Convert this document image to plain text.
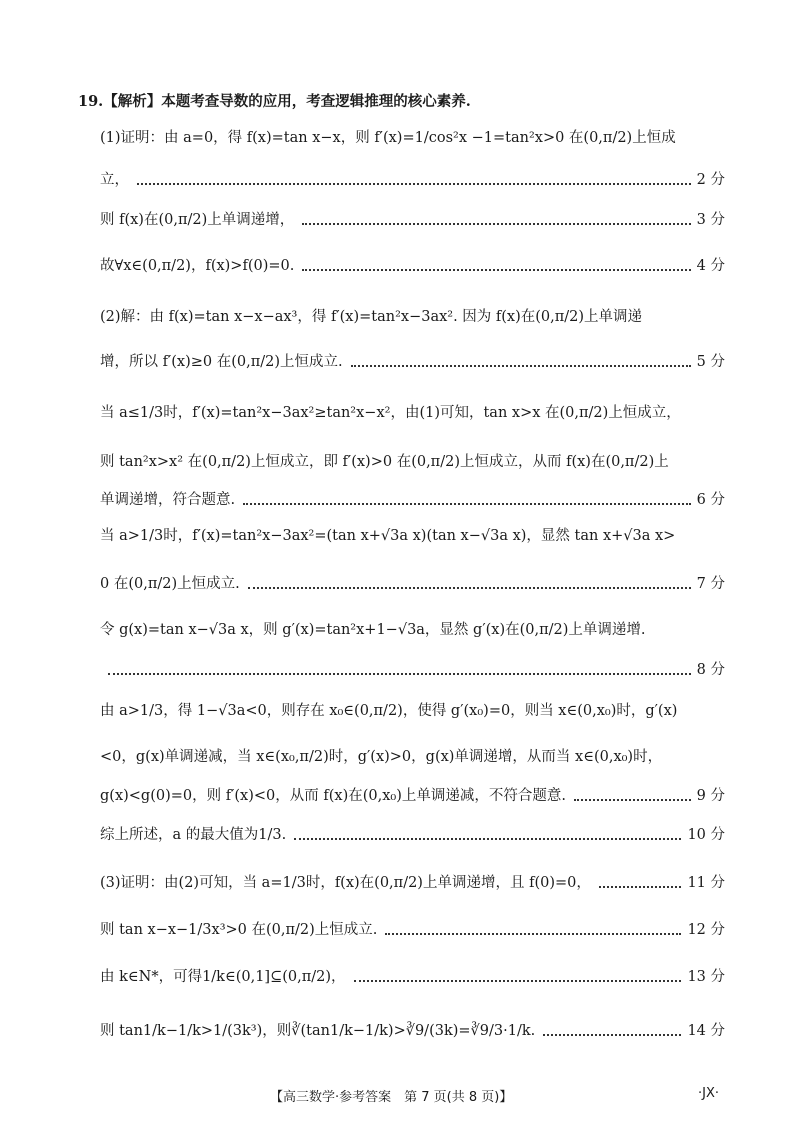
19.【解析】本题考查导数的应用，考查逻辑推理的核心素养.
(1)证明：由 a=0，得 f(x)=tan x−x，则 f′(x)=1/cos²x −1=tan²x>0 在(0,π/2)上恒成
立，	2 分
则 f(x)在(0,π/2)上单调递增，	3 分
故∀x∈(0,π/2)，f(x)>f(0)=0.	4 分
(2)解：由 f(x)=tan x−x−ax³，得 f′(x)=tan²x−3ax². 因为 f(x)在(0,π/2)上单调递
增，所以 f′(x)≥0 在(0,π/2)上恒成立.	5 分
当 a≤1/3时，f′(x)=tan²x−3ax²≥tan²x−x²，由(1)可知，tan x>x 在(0,π/2)上恒成立，
则 tan²x>x² 在(0,π/2)上恒成立，即 f′(x)>0 在(0,π/2)上恒成立，从而 f(x)在(0,π/2)上
单调递增，符合题意.	6 分
当 a>1/3时，f′(x)=tan²x−3ax²=(tan x+√3a x)(tan x−√3a x)，显然 tan x+√3a x>
0 在(0,π/2)上恒成立.	7 分
令 g(x)=tan x−√3a x，则 g′(x)=tan²x+1−√3a，显然 g′(x)在(0,π/2)上单调递增.
8 分
由 a>1/3，得 1−√3a<0，则存在 x₀∈(0,π/2)，使得 g′(x₀)=0，则当 x∈(0,x₀)时，g′(x)
<0，g(x)单调递减，当 x∈(x₀,π/2)时，g′(x)>0，g(x)单调递增，从而当 x∈(0,x₀)时，
g(x)<g(0)=0，则 f′(x)<0，从而 f(x)在(0,x₀)上单调递减，不符合题意.	9 分
综上所述，a 的最大值为1/3.	10 分
(3)证明：由(2)可知，当 a=1/3时，f(x)在(0,π/2)上单调递增，且 f(0)=0，	11 分
则 tan x−x−1/3x³>0 在(0,π/2)上恒成立.	12 分
由 k∈N*，可得1/k∈(0,1]⊆(0,π/2)，	13 分
则 tan1/k−1/k>1/(3k³)，则∛(tan1/k−1/k)>∛9/(3k)=∛9/3·1/k.	14 分
【高三数学·参考答案　第 7 页(共 8 页)】	·JX·
